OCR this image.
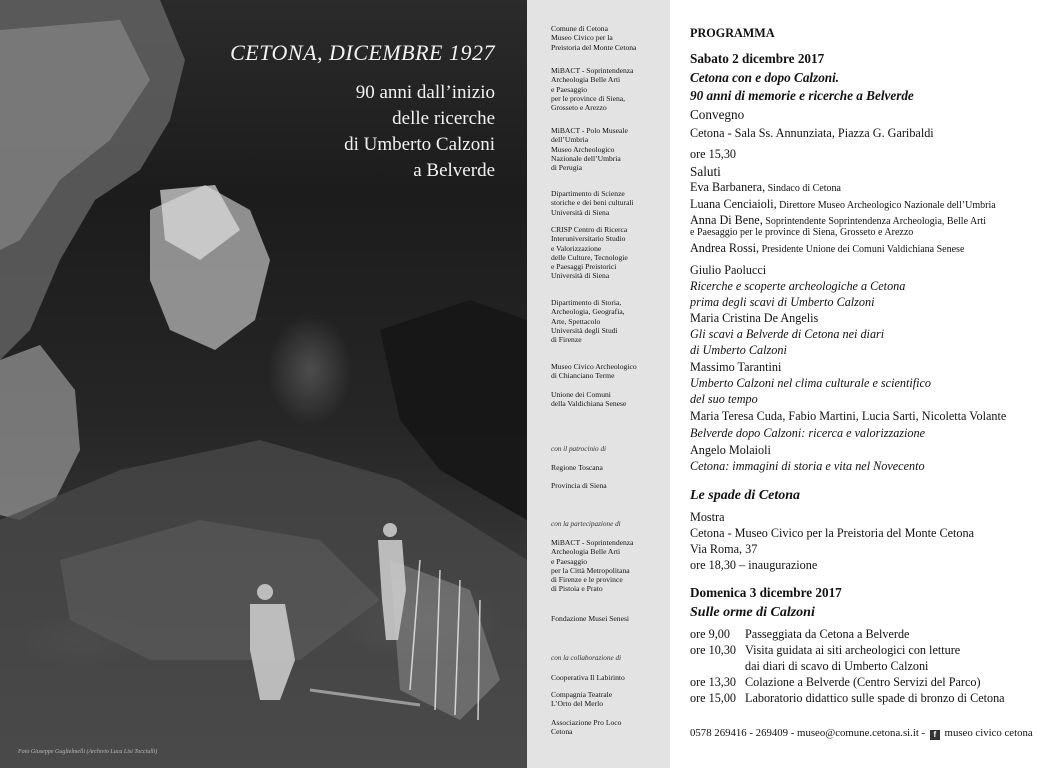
CETONA, DICEMBRE 1927
90 anni dall’inizio
delle ricerche
di Umberto Calzoni
a Belverde
Foto Giuseppe Guglielmelli (Archivio Luca Lisi Tocciulli)
Comune di Cetona
Museo Civico per la
Preistoria del Monte Cetona
MiBACT - Soprintendenza
Archeologia Belle Arti
e Paesaggio
per le province di Siena,
Grosseto e Arezzo
MiBACT - Polo Museale
dell’Umbria
Museo Archeologico
Nazionale dell’Umbria
di Perugia
Dipartimento di Scienze
storiche e dei beni culturali
Università di Siena
CRISP Centro di Ricerca
Interuniversitario Studio
e Valorizzazione
delle Culture, Tecnologie
e Paesaggi Preistorici
Università di Siena
Dipartimento di Storia,
Archeologia, Geografia,
Arte, Spettacolo
Università degli Studi
di Firenze
Museo Civico Archeologico
di Chianciano Terme
Unione dei Comuni
della Valdichiana Senese
con il patrocinio di
Regione Toscana
Provincia di Siena
con la partecipazione di
MiBACT - Soprintendenza
Archeologia Belle Arti
e Paesaggio
per la Città Metropolitana
di Firenze e le province
di Pistoia e Prato
Fondazione Musei Senesi
con la collaborazione di
Cooperativa Il Labirinto
Compagnia Teatrale
L’Orto del Merlo
Associazione Pro Loco
Cetona
PROGRAMMA
Sabato 2 dicembre 2017
Cetona con e dopo Calzoni.
90 anni di memorie e ricerche a Belverde
Convegno
Cetona - Sala Ss. Annunziata, Piazza G. Garibaldi
ore 15,30
Saluti
Eva Barbanera, Sindaco di Cetona
Luana Cenciaioli, Direttore Museo Archeologico Nazionale dell’Umbria
Anna Di Bene, Soprintendente Soprintendenza Archeologia, Belle Arti
e Paesaggio per le province di Siena, Grosseto e Arezzo
Andrea Rossi, Presidente Unione dei Comuni Valdichiana Senese
Giulio Paolucci
Ricerche e scoperte archeologiche a Cetona
prima degli scavi di Umberto Calzoni
Maria Cristina De Angelis
Gli scavi a Belverde di Cetona nei diari
di Umberto Calzoni
Massimo Tarantini
Umberto Calzoni nel clima culturale e scientifico
del suo tempo
Maria Teresa Cuda, Fabio Martini, Lucia Sarti, Nicoletta Volante
Belverde dopo Calzoni: ricerca e valorizzazione
Angelo Molaioli
Cetona: immagini di storia e vita nel Novecento
Le spade di Cetona
Mostra
Cetona - Museo Civico per la Preistoria del Monte Cetona
Via Roma, 37
ore 18,30 – inaugurazione
Domenica 3 dicembre 2017
Sulle orme di Calzoni
ore 9,00 Passeggiata da Cetona a Belverde
ore 10,30 Visita guidata ai siti archeologici con letture
dai diari di scavo di Umberto Calzoni
ore 13,30 Colazione a Belverde (Centro Servizi del Parco)
ore 15,00 Laboratorio didattico sulle spade di bronzo di Cetona
0578 269416 - 269409 - museo@comune.cetona.si.it - f museo civico cetona
